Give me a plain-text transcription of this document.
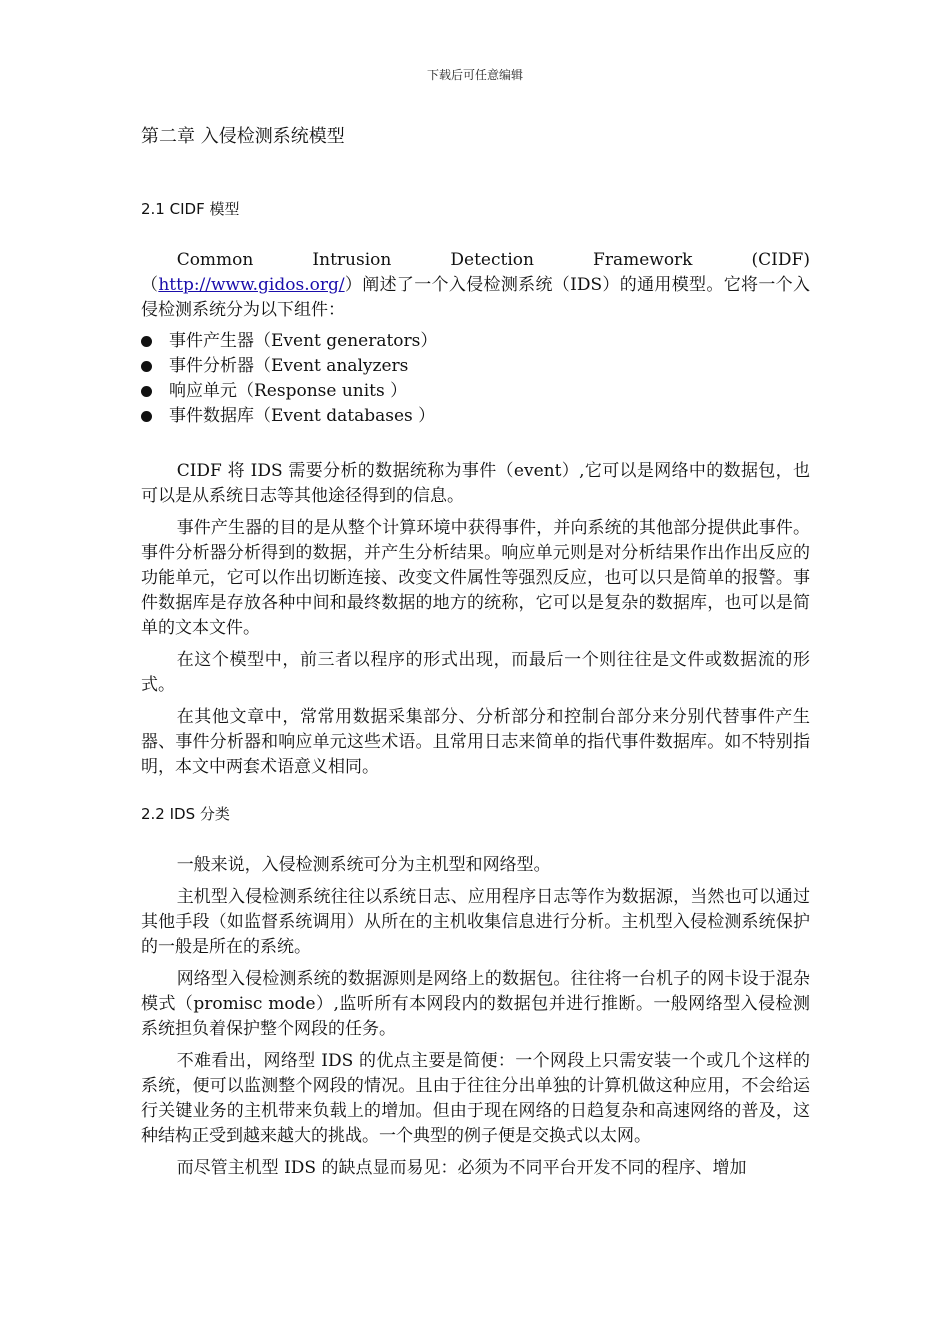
下载后可任意编辑
第二章 入侵检测系统模型
2.1 CIDF 模型

Common	Intrusion	Detection	Framework	(CIDF)

（http://www.gidos.org/）阐述了一个入侵检测系统（IDS）的通用模型。它将一个入侵检测系统分为以下组件：

事件产生器（Event generators）
事件分析器（Event analyzers
响应单元（Response units ）
事件数据库（Event databases ）

CIDF 将 IDS 需要分析的数据统称为事件（event）,它可以是网络中的数据包，也可以是从系统日志等其他途径得到的信息。

事件产生器的目的是从整个计算环境中获得事件，并向系统的其他部分提供此事件。事件分析器分析得到的数据，并产生分析结果。响应单元则是对分析结果作出作出反应的功能单元，它可以作出切断连接、改变文件属性等强烈反应，也可以只是简单的报警。事件数据库是存放各种中间和最终数据的地方的统称，它可以是复杂的数据库，也可以是简单的文本文件。

在这个模型中，前三者以程序的形式出现，而最后一个则往往是文件或数据流的形式。

在其他文章中，常常用数据采集部分、分析部分和控制台部分来分别代替事件产生器、事件分析器和响应单元这些术语。且常用日志来简单的指代事件数据库。如不特别指明，本文中两套术语意义相同。

2.2 IDS 分类

一般来说，入侵检测系统可分为主机型和网络型。

主机型入侵检测系统往往以系统日志、应用程序日志等作为数据源，当然也可以通过其他手段（如监督系统调用）从所在的主机收集信息进行分析。主机型入侵检测系统保护的一般是所在的系统。

网络型入侵检测系统的数据源则是网络上的数据包。往往将一台机子的网卡设于混杂模式（promisc mode）,监听所有本网段内的数据包并进行推断。一般网络型入侵检测系统担负着保护整个网段的任务。

不难看出，网络型 IDS 的优点主要是简便：一个网段上只需安装一个或几个这样的系统，便可以监测整个网段的情况。且由于往往分出单独的计算机做这种应用，不会给运行关键业务的主机带来负载上的增加。但由于现在网络的日趋复杂和高速网络的普及，这种结构正受到越来越大的挑战。一个典型的例子便是交换式以太网。

而尽管主机型 IDS 的缺点显而易见：必须为不同平台开发不同的程序、增加
